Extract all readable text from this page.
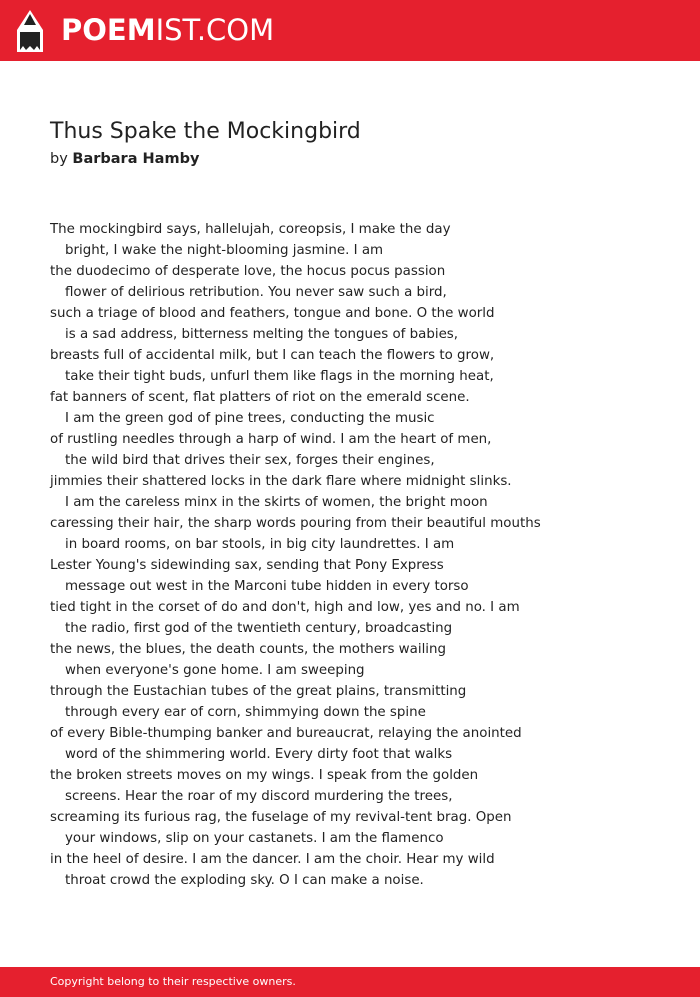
POEMIST.COM
Thus Spake the Mockingbird
by Barbara Hamby
The mockingbird says, hallelujah, coreopsis, I make the day
bright, I wake the night-blooming jasmine. I am
the duodecimo of desperate love, the hocus pocus passion
flower of delirious retribution. You never saw such a bird,
such a triage of blood and feathers, tongue and bone. O the world
is a sad address, bitterness melting the tongues of babies,
breasts full of accidental milk, but I can teach the flowers to grow,
take their tight buds, unfurl them like flags in the morning heat,
fat banners of scent, flat platters of riot on the emerald scene.
I am the green god of pine trees, conducting the music
of rustling needles through a harp of wind. I am the heart of men,
the wild bird that drives their sex, forges their engines,
jimmies their shattered locks in the dark flare where midnight slinks.
I am the careless minx in the skirts of women, the bright moon
caressing their hair, the sharp words pouring from their beautiful mouths
in board rooms, on bar stools, in big city laundrettes. I am
Lester Young's sidewinding sax, sending that Pony Express
message out west in the Marconi tube hidden in every torso
tied tight in the corset of do and don't, high and low, yes and no. I am
the radio, first god of the twentieth century, broadcasting
the news, the blues, the death counts, the mothers wailing
when everyone's gone home. I am sweeping
through the Eustachian tubes of the great plains, transmitting
through every ear of corn, shimmying down the spine
of every Bible-thumping banker and bureaucrat, relaying the anointed
word of the shimmering world. Every dirty foot that walks
the broken streets moves on my wings. I speak from the golden
screens. Hear the roar of my discord murdering the trees,
screaming its furious rag, the fuselage of my revival-tent brag. Open
your windows, slip on your castanets. I am the flamenco
in the heel of desire. I am the dancer. I am the choir. Hear my wild
throat crowd the exploding sky. O I can make a noise.
Copyright belong to their respective owners.
